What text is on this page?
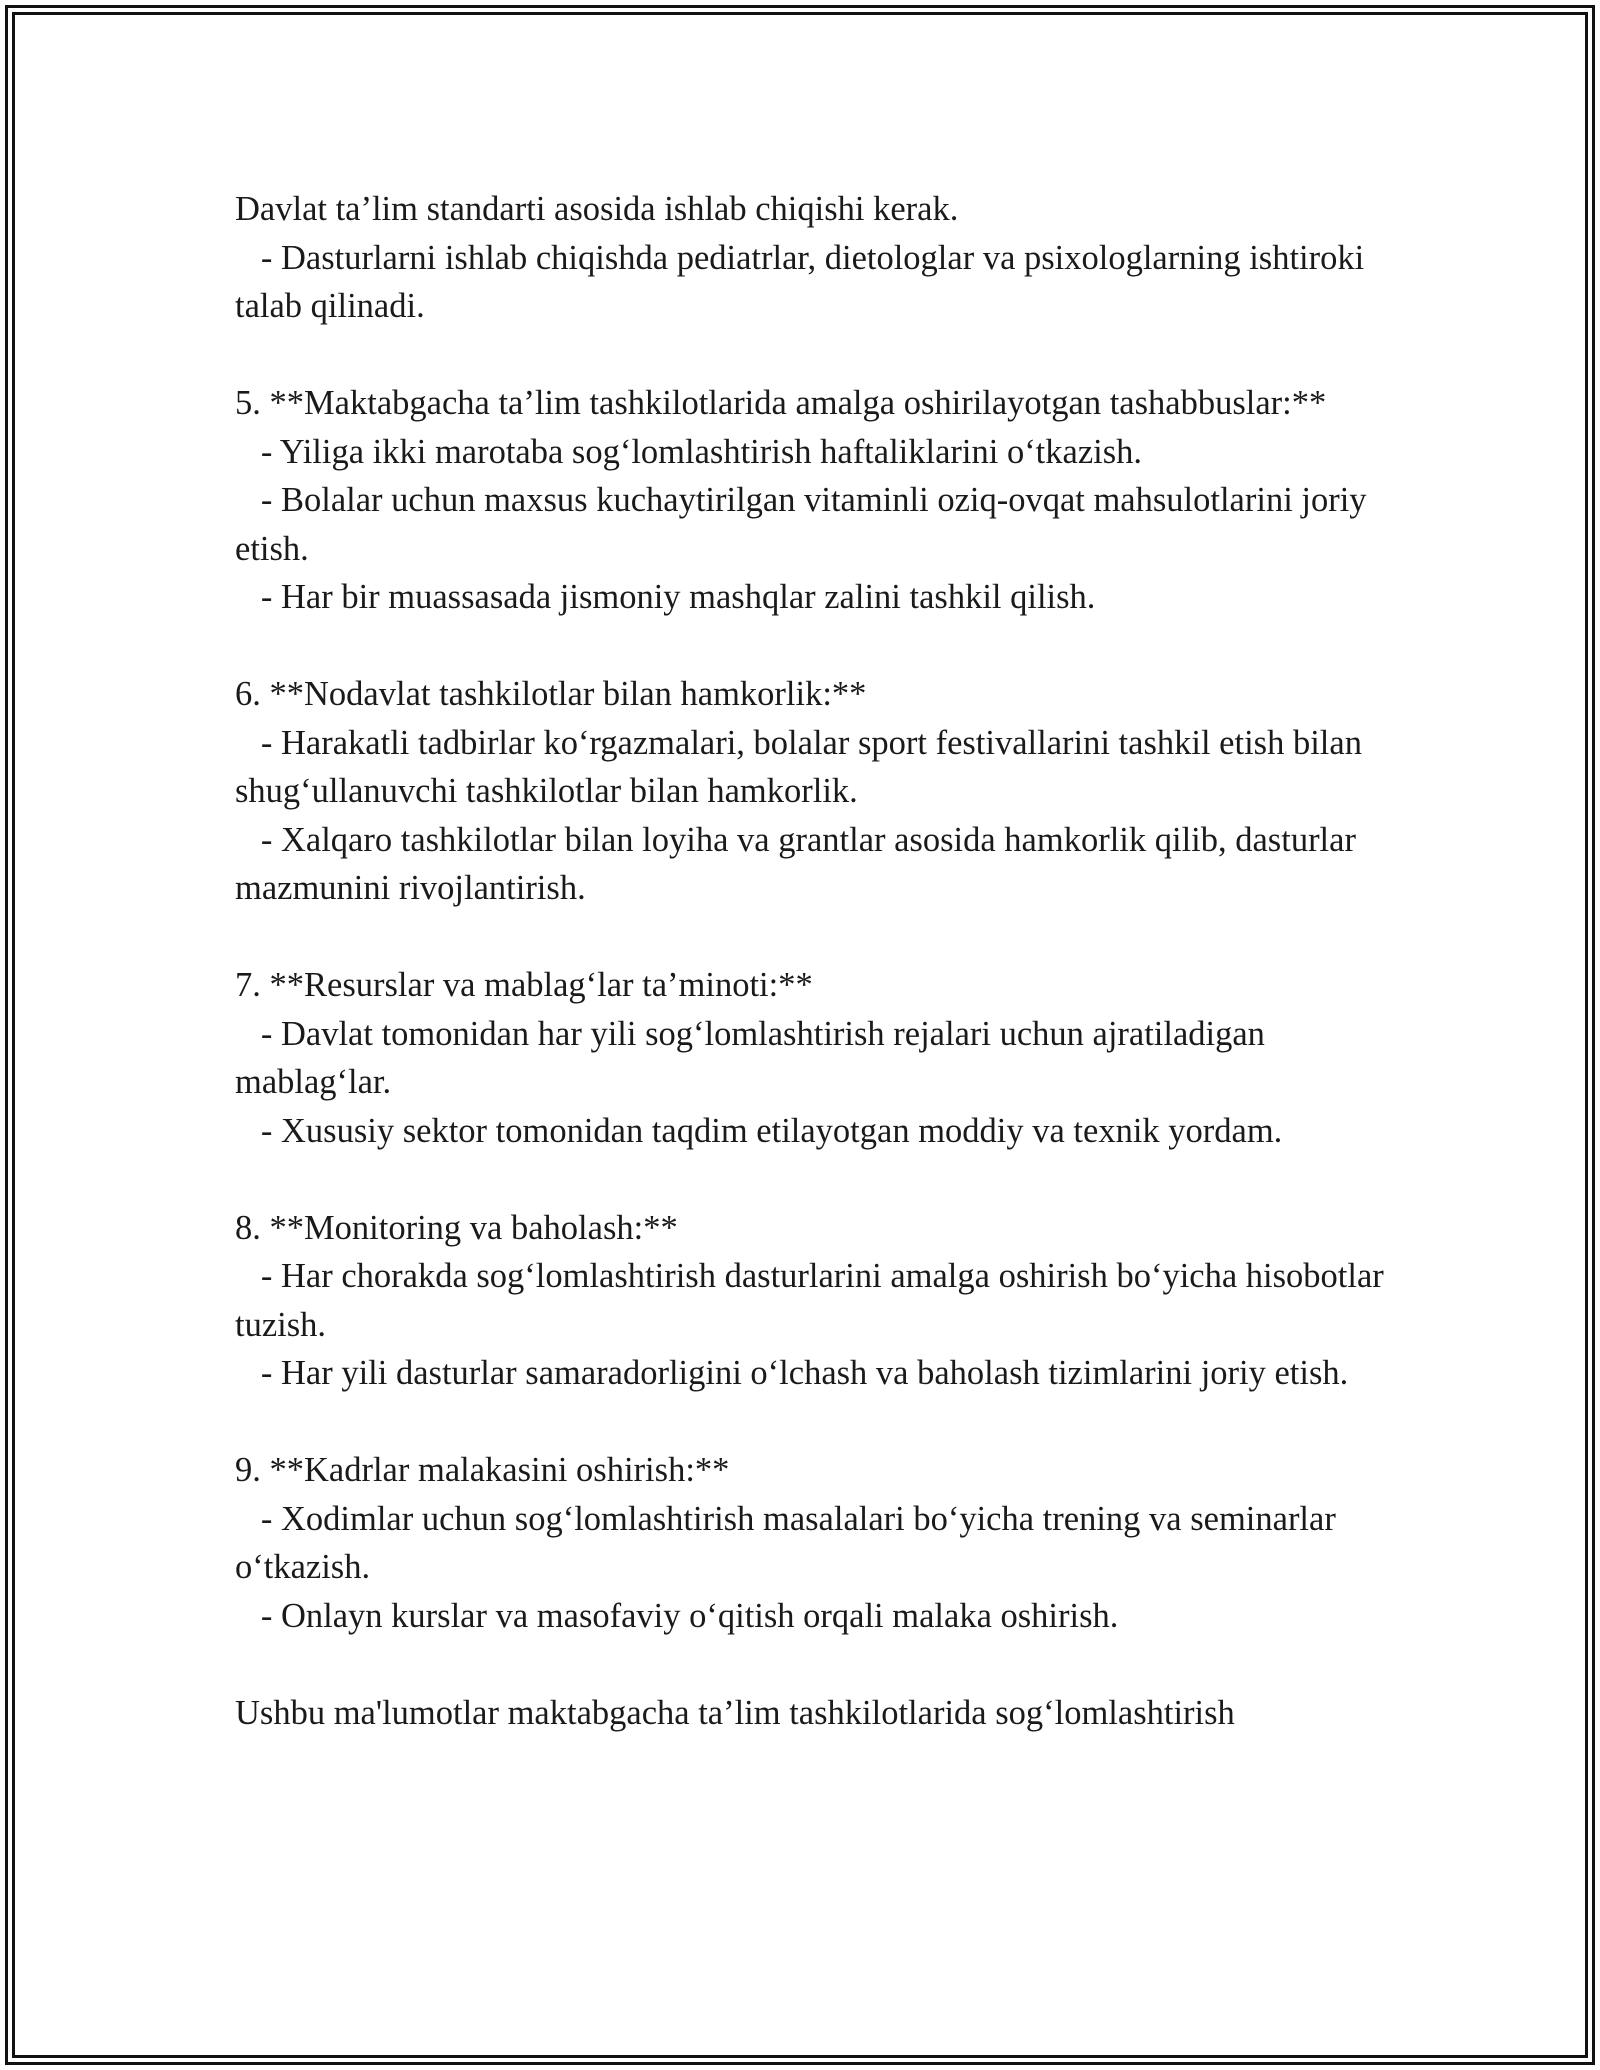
Davlat ta’lim standarti asosida ishlab chiqishi kerak.

- Dasturlarni ishlab chiqishda pediatrlar, dietologlar va psixologlarning ishtiroki talab qilinadi.

5. **Maktabgacha ta’lim tashkilotlarida amalga oshirilayotgan tashabbuslar:**

- Yiliga ikki marotaba sog‘lomlashtirish haftaliklarini o‘tkazish.

- Bolalar uchun maxsus kuchaytirilgan vitaminli oziq-ovqat mahsulotlarini joriy etish.

- Har bir muassasada jismoniy mashqlar zalini tashkil qilish.

6. **Nodavlat tashkilotlar bilan hamkorlik:**

- Harakatli tadbirlar ko‘rgazmalari, bolalar sport festivallarini tashkil etish bilan shug‘ullanuvchi tashkilotlar bilan hamkorlik.

- Xalqaro tashkilotlar bilan loyiha va grantlar asosida hamkorlik qilib, dasturlar mazmunini rivojlantirish.

7. **Resurslar va mablag‘lar ta’minoti:**

- Davlat tomonidan har yili sog‘lomlashtirish rejalari uchun ajratiladigan mablag‘lar.

- Xususiy sektor tomonidan taqdim etilayotgan moddiy va texnik yordam.

8. **Monitoring va baholash:**

- Har chorakda sog‘lomlashtirish dasturlarini amalga oshirish bo‘yicha hisobotlar tuzish.

- Har yili dasturlar samaradorligini o‘lchash va baholash tizimlarini joriy etish.

9. **Kadrlar malakasini oshirish:**

- Xodimlar uchun sog‘lomlashtirish masalalari bo‘yicha trening va seminarlar o‘tkazish.

- Onlayn kurslar va masofaviy o‘qitish orqali malaka oshirish.

Ushbu ma'lumotlar maktabgacha ta’lim tashkilotlarida sog‘lomlashtirish
